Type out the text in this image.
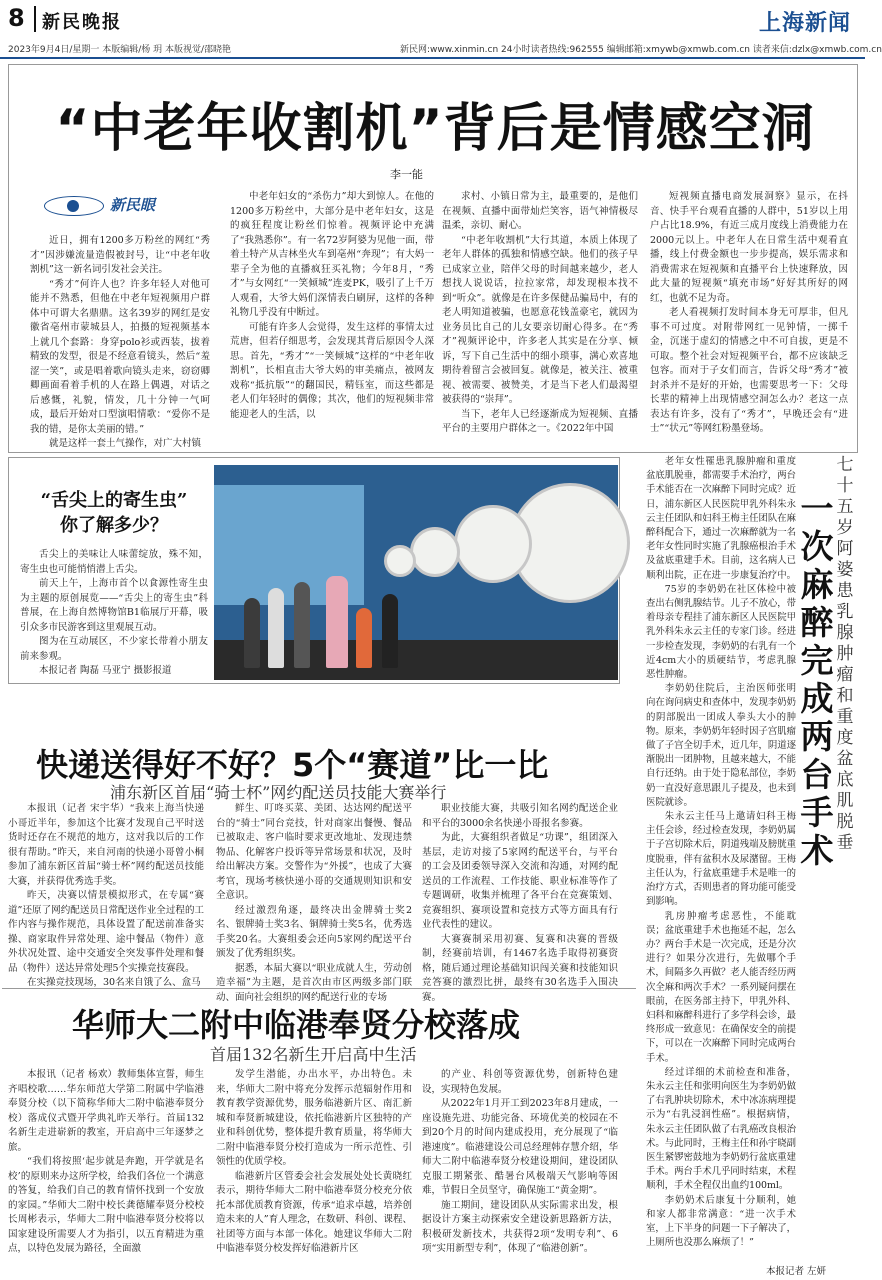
8 新民晚报	上海新闻
2023年9月4日/星期一 本版编辑/杨 玥 本版视觉/邵晓艳	新民网:www.xinmin.cn 24小时读者热线:962555 编辑邮箱:xmywb@xmwb.com.cn 读者来信:dzlx@xmwb.com.cn
“中老年收割机”背后是情感空洞
李一能
新民眼

近日，拥有1200多万粉丝的网红“秀才”因涉嫌流量造假被封号，让“中老年收割机”这一新名词引发社会关注。

“秀才”何许人也？许多年轻人对他可能并不熟悉，但他在中老年短视频用户群体中可谓大名鼎鼎。这名39岁的网红是安徽省亳州市蒙城县人，拍摄的短视频基本上就几个套路：身穿polo衫或西装，拔着精致的发型，很是不经意看镜头，然后“羞涩一笑”，或是唱着歌向镜头走来，窃窃卿卿画面看着手机的人在路上偶遇，对话之后感慨，礼貌，情发，几十分钟一气呵成，最后开始对口型演唱情歌：“爱你不是我的错，是你太美丽的错。”

就是这样一套土气操作，对广大村镇

中老年妇女的“杀伤力”却大到惊人。在他的1200多万粉丝中，大部分是中老年妇女，这是的疯狂程度让粉丝们惊着。视频评论中充满了“我熟悉你”。有一名72岁阿婆为见他一面，带着土特产从吉林坐火车到亳州“奔现”；有大妈一辈子全为他的直播疯狂买礼物；今年8月，“秀才”与女网红“一笑倾城”连麦PK，吸引了上千万人观看，大爷大妈们深情表白刷屏，这样的各种礼物几乎没有中断过。

可能有许多人会觉得，发生这样的事情太过荒唐，但若仔细思考，会发现其背后原因令人深思。首先，“秀才”“一笑倾城”这样的“中老年收割机”，长相直击大爷大妈的审美痛点，被网友戏称“抵抗版”“的翻国民，精钰室，而这些都是老人们年轻时的偶像；其次，他们的短视频非常能迎老人的生活，以

求村、小镇日常为主，最重要的，是他们在视频、直播中面带灿烂笑容，语气神情极尽温柔，亲切、耐心。

“中老年收割机”大行其道，本质上体现了老年人群体的孤独和情感空缺。他们的孩子早已成家立业，陪伴父母的时间越来越少，老人想找人说说话，拉拉家常，却发现根本找不到“听众”。就像是在许多保健品骗局中，有的老人明知道被骗，也愿意花钱盖豪宅，就因为业务员比自己的儿女要亲切耐心得多。在“秀才”视频评论中，许多老人其实是在分享、倾诉，写下自己生活中的细小琐事，满心欢喜地期待着留言会被回复。就像是，被关注、被重视、被需要、被赞美，才是当下老人们最渴望被获得的“崇拜”。

当下，老年人已经逐渐成为短视频、直播平台的主要用户群体之一。《2022年中国

短视频直播电商发展洞察》显示，在抖音、快手平台观看直播的人群中，51岁以上用户占比18.9%，有近三成月度线上消费能力在2000元以上。中老年人在日常生活中观看直播，线上付费金额也一步步提高，娱乐需求和消费需求在短视频和直播平台上快速释放，因此大量的短视频“填充市场”好好其所好的网红，也就不足为奇。

老人看视频打发时间本身无可厚非，但凡事不可过度。对附带网红一见钟情，一掷千金，沉迷于虚幻的情感之中不可自拔，更是不可取。整个社会对短视频平台，都不应该缺乏包容。而对于子女们而言，告诉父母“秀才”被封杀并不是好的开始，也需要思考一下：父母长辈的精神上出现情感空洞怎么办？老这一点表达有许多，没有了“秀才”，早晚还会有“进士”“状元”等网红粉墨登场。

“舌尖上的寄生虫”
你了解多少？

舌尖上的美味让人味蕾绽放，殊不知，寄生虫也可能悄悄潜上舌尖。

前天上午，上海市首个以食源性寄生虫为主题的原创展览——“舌尖上的寄生虫”科普展，在上海自然博物馆B1临展厅开幕，吸引众多市民游客到这里观展互动。

图为在互动展区，不少家长带着小朋友前来参观。

本报记者 陶磊 马亚宁 摄影报道

老年女性罹患乳腺肿瘤和重度盆底肌脱垂，都需要手术治疗，两台手术能否在一次麻醉下同时完成？近日，浦东新区人民医院甲乳外科朱永云主任团队和妇科王梅主任团队在麻醉科配合下，通过一次麻醉就为一名老年女性同时实施了乳腺癌根治手术及盆底重建手术。目前，这名病人已顺利出院，正在进一步康复治疗中。

75岁的李奶奶在社区体检中被查出右侧乳腺结节。儿子不放心，带着母亲专程挂了浦东新区人民医院甲乳外科朱永云主任的专家门诊。经进一步检查发现，李奶奶的右乳有一个近4cm大小的质硬结节，考虑乳腺恶性肿瘤。

李奶奶住院后，主治医师张明向在询问病史和查体中，发现李奶奶的阴部脱出一团成人拳头大小的肿物。原来，李奶奶年轻时因子宫肌瘤做了子宫全切手术，近几年，阴道逐渐脱出一团肿物，且越来越大，不能自行还纳。由于处于隐私部位，李奶奶一直没好意思跟儿子提及，也未到医院就诊。

朱永云主任马上邀请妇科王梅主任会诊，经过检查发现，李奶奶属于子宫切除术后，阴道残端及膀胱重度脱垂，伴有盆积水及尿潴留。王梅主任认为，行盆底重建手术是唯一的治疗方式，否则患者的肾功能可能受到影响。

乳房肿瘤考虑恶性，不能耽误；盆底重建手术也拖延不起，怎么办？两台手术是一次完成，还是分次进行？如果分次进行，先做哪个手术，间隔多久再做？老人能否经历两次全麻和两次手术？一系列疑问摆在眼前，在医务部主持下，甲乳外科、妇科和麻醉科进行了多学科会诊，最终形成一致意见：在确保安全的前提下，可以在一次麻醉下同时完成两台手术。

经过详细的术前检查和准备，朱永云主任和张明向医生为李奶奶做了右乳肿块切除术，术中冰冻病理提示为“右乳浸润性癌”。根据病情，朱永云主任团队做了右乳癌改良根治术。与此同时，王梅主任和孙宇晓副医生紧锣密鼓地为李奶奶行盆底重建手术。两台手术几乎同时结束，术程顺利，手术全程仅出血约100ml。

李奶奶术后康复十分顺利，她和家人都非常满意：“进一次手术室，上下半身的问题一下子解决了，上厕所也没那么麻烦了！”

七十五岁阿婆患乳腺肿瘤和重度盆底肌脱垂
一次麻醉完成两台手术
本报记者 左妍
快递送得好不好？5个“赛道”比一比
浦东新区首届“骑士杯”网约配送员技能大赛举行

本报讯（记者 宋宇华）“我来上海当快递小哥近半年，参加这个比赛才发现自己平时送货时还存在不规范的地方，这对我以后的工作很有帮助。”昨天，来自河南的快递小哥曾小桐参加了浦东新区首届“骑士杯”网约配送员技能大赛，并获得优秀选手奖。

昨天，决赛以情景模拟形式，在专属“赛道”还原了网约配送员日常配送作业全过程的工作内容与操作规范，具体设置了配送前准备实操、商家取件异常处理、途中餐品（物件）意外状况处置、途中交通安全突发事件处理和餐品（物件）送达异常处理5个实操竞技赛段。

在实操竞技现场，30名来自饿了么、盒马

鲜生、叮咚买菜、美团、达达网约配送平台的“骑士”同台竞技，针对商家出餐慢、餐品已被取走、客户临时要求更改地址、发现违禁物品、化解客户投诉等异常场景和状况，及时给出解决方案。交警作为“外援”，也成了大赛考官，现场考核快递小哥的交通规则知识和安全意识。

经过激烈角逐，最终决出金牌骑士奖2名、银牌骑士奖3名、铜牌骑士奖5名，优秀选手奖20名。大赛组委会还向5家网约配送平台颁发了优秀组织奖。

据悉，本届大赛以“职业成就人生，劳动创造幸福”为主题，是首次由市区两级多部门联动、面向社会组织的网约配送行业的专场

职业技能大赛，共吸引知名网约配送企业和平台的3000余名快递小哥报名参赛。

为此，大赛组织者做足“功课”，组团深入基层，走访对接了5家网约配送平台，与平台的工会及团委领导深入交流和沟通，对网约配送员的工作流程、工作技能、职业标准等作了专题调研，收集并梳理了各平台在竞赛策划、竞赛组织、赛项设置和竞技方式等方面具有行业代表性的建议。

大赛赛制采用初赛、复赛和决赛的晋级制，经赛前培训，有1467名选手取得初赛资格，随后通过理论基础知识闯关赛和技能知识竞答赛的激烈比拼，最终有30名选手入围决赛。

华师大二附中临港奉贤分校落成
首届132名新生开启高中生活

本报讯（记者 杨欢）教师集体宣誓，师生齐唱校歌……华东师范大学第二附属中学临港奉贤分校（以下简称华师大二附中临港奉贤分校）落成仪式暨开学典礼昨天举行。首届132名新生走进崭新的教室，开启高中三年逐梦之旅。

“我们将按照‘起步就是奔跑，开学就是名校’的原则来办这所学校，给我们各位一个满意的答复，给我们自己的教育情怀找到一个安放的家园。”华师大二附中校长龚德耀奉贤分校校长周彬表示，华师大二附中临港奉贤分校将以国家建设所需要人才为指引，以五育精进为重点，以特色发展为路径，全面激

发学生潜能，办出水平，办出特色。未来，华师大二附中将充分发挥示范辐射作用和教育教学资源优势，服务临港新片区、南汇新城和奉贤新城建设，依托临港新片区独特的产业和科创优势，整体提升教育质量，将华师大二附中临港奉贤分校打造成为一所示范性、引领性的优质学校。

临港新片区管委会社会发展处处长黄晓红表示，期待华师大二附中临港奉贤分校充分依托本部优质教育资源，传承“追求卓越，培养创造未来的人”育人理念，在数研、科创、课程、社团等方面与本部一体化。她建议华师大二附中临港奉贤分校发挥好临港新片区

的产业、科创等资源优势，创新特色建设，实现特色发展。

从2022年1月开工到2023年8月建成，一座设施先进、功能完备、环境优美的校园在不到20个月的时间内建成投用，充分展现了“临港速度”。临港建设公司总经理韩存慧介绍，华师大二附中临港奉贤分校建设期间，建设团队克服工期紧张、酷暑台风极端天气影响等困难，节假日全员坚守，确保施工“黄金期”。

施工期间，建设团队从实际需求出发，根据设计方案主动探索安全建设新思路新方法，积极研发新技术，共获得2项“发明专利”、6项“实用新型专利”，体现了“临港创新”。
